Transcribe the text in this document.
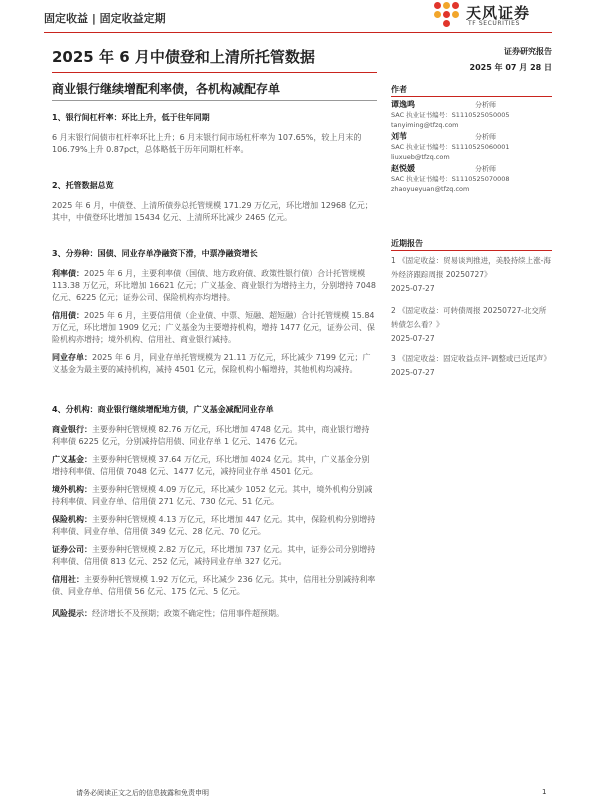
固定收益 | 固定收益定期	天风证券
TF SECURITIES
2025 年 6 月中债登和上清所托管数据
商业银行继续增配利率债，各机构减配存单

1、银行间杠杆率：环比上升，低于往年同期

6 月末银行间债市杠杆率环比上升；6 月末银行间市场杠杆率为 107.65%，较上月末的 106.79%上升 0.87pct，总体略低于历年同期杠杆率。

2、托管数据总览

2025 年 6 月，中债登、上清所债券总托管规模 171.29 万亿元，环比增加 12968 亿元；其中，中债登环比增加 15434 亿元、上清所环比减少 2465 亿元。

3、分券种：国债、同业存单净融资下滑，中票净融资增长

利率债：2025 年 6 月，主要利率债（国债、地方政府债、政策性银行债）合计托管规模 113.38 万亿元，环比增加 16621 亿元；广义基金、商业银行为增持主力，分别增持 7048 亿元、6225 亿元；证券公司、保险机构亦均增持。

信用债：2025 年 6 月，主要信用债（企业债、中票、短融、超短融）合计托管规模 15.84 万亿元，环比增加 1909 亿元；广义基金为主要增持机构，增持 1477 亿元，证券公司、保险机构亦增持；境外机构、信用社、商业银行减持。

同业存单：2025 年 6 月，同业存单托管规模为 21.11 万亿元，环比减少 7199 亿元；广义基金为最主要的减持机构，减持 4501 亿元，保险机构小幅增持，其他机构均减持。

4、分机构：商业银行继续增配地方债，广义基金减配同业存单

商业银行：主要券种托管规模 82.76 万亿元，环比增加 4748 亿元。其中，商业银行增持利率债 6225 亿元，分别减持信用债、同业存单 1 亿元、1476 亿元。

广义基金：主要券种托管规模 37.64 万亿元，环比增加 4024 亿元。其中，广义基金分别增持利率债、信用债 7048 亿元、1477 亿元，减持同业存单 4501 亿元。

境外机构：主要券种托管规模 4.09 万亿元，环比减少 1052 亿元。其中，境外机构分别减持利率债、同业存单、信用债 271 亿元、730 亿元、51 亿元。

保险机构：主要券种托管规模 4.13 万亿元，环比增加 447 亿元。其中，保险机构分别增持利率债、同业存单、信用债 349 亿元、28 亿元、70 亿元。

证券公司：主要券种托管规模 2.82 万亿元，环比增加 737 亿元。其中，证券公司分别增持利率债、信用债 813 亿元、252 亿元，减持同业存单 327 亿元。

信用社：主要券种托管规模 1.92 万亿元，环比减少 236 亿元。其中，信用社分别减持利率债、同业存单、信用债 56 亿元、175 亿元、5 亿元。

风险提示：经济增长不及预期；政策不确定性；信用事件超预期。

证券研究报告
2025 年 07 月 28 日
作者
谭逸鸣	分析师
SAC 执业证书编号：S1110525050005
tanyiming@tfzq.com
刘苇	分析师
SAC 执业证书编号：S1110525060001
liuxueb@tfzq.com
赵悦媛	分析师
SAC 执业证书编号：S1110525070008
zhaoyueyuan@tfzq.com
近期报告
1 《固定收益：贸易谈判推进，美股持续上涨-海外经济跟踪周报 20250727》
2025-07-27
2 《固定收益：可转债周报 20250727-北交所转债怎么看？》
2025-07-27
3 《固定收益：固定收益点评-调整或已近尾声》
2025-07-27
请务必阅读正文之后的信息披露和免责申明	1
